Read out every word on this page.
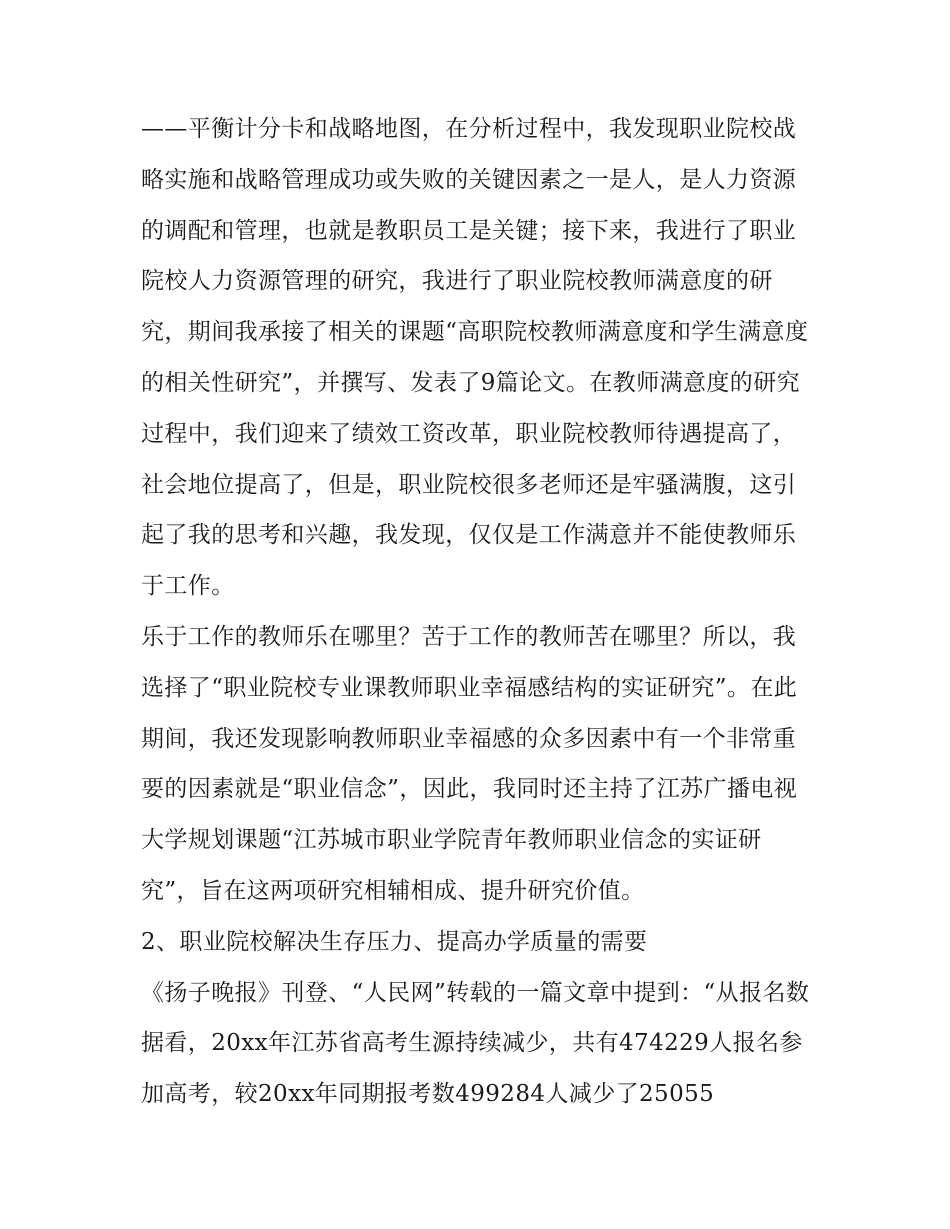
——平衡计分卡和战略地图，在分析过程中，我发现职业院校战略实施和战略管理成功或失败的关键因素之一是人，是人力资源的调配和管理，也就是教职员工是关键；接下来，我进行了职业院校人力资源管理的研究，我进行了职业院校教师满意度的研究，期间我承接了相关的课题“高职院校教师满意度和学生满意度的相关性研究”，并撰写、发表了9篇论文。在教师满意度的研究过程中，我们迎来了绩效工资改革，职业院校教师待遇提高了，社会地位提高了，但是，职业院校很多老师还是牢骚满腹，这引起了我的思考和兴趣，我发现，仅仅是工作满意并不能使教师乐于工作。

乐于工作的教师乐在哪里？苦于工作的教师苦在哪里？所以，我选择了“职业院校专业课教师职业幸福感结构的实证研究”。在此期间，我还发现影响教师职业幸福感的众多因素中有一个非常重要的因素就是“职业信念”，因此，我同时还主持了江苏广播电视大学规划课题“江苏城市职业学院青年教师职业信念的实证研究”，旨在这两项研究相辅相成、提升研究价值。

2、职业院校解决生存压力、提高办学质量的需要

《扬子晚报》刊登、“人民网”转载的一篇文章中提到：“从报名数据看，20xx年江苏省高考生源持续减少，共有474229人报名参加高考，较20xx年同期报考数499284人减少了25055
